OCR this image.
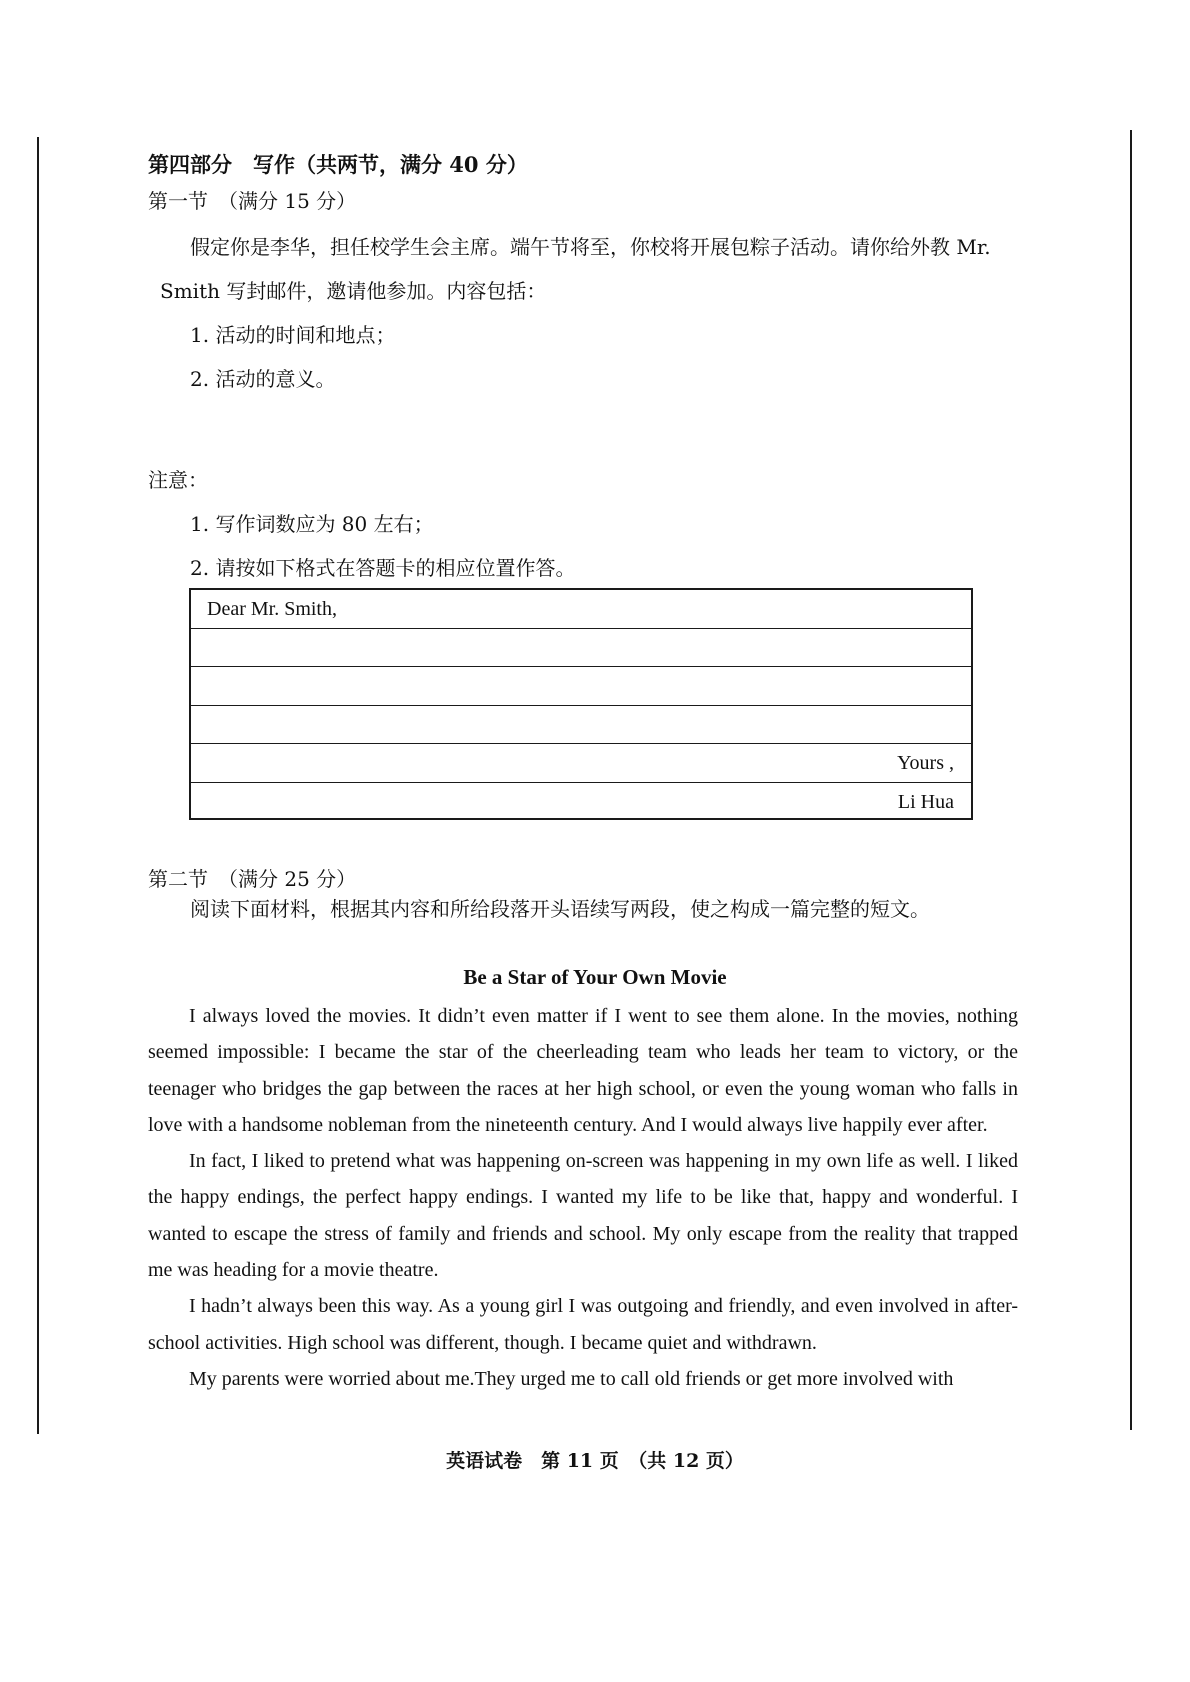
第四部分　写作（共两节，满分 40 分）
第一节　（满分 15 分）
假定你是李华，担任校学生会主席。端午节将至，你校将开展包粽子活动。请你给外教 Mr.
Smith 写封邮件，邀请他参加。内容包括：
1. 活动的时间和地点；
2. 活动的意义。
注意：
1. 写作词数应为 80 左右；
2. 请按如下格式在答题卡的相应位置作答。
Dear Mr. Smith,
Yours ,
Li Hua
第二节　（满分 25 分）
阅读下面材料，根据其内容和所给段落开头语续写两段，使之构成一篇完整的短文。
Be a Star of Your Own Movie

I always loved the movies. It didn’t even matter if I went to see them alone. In the movies, nothing seemed impossible: I became the star of the cheerleading team who leads her team to victory, or the teenager who bridges the gap between the races at her high school, or even the young woman who falls in love with a handsome nobleman from the nineteenth century. And I would always live happily ever after.

In fact, I liked to pretend what was happening on-screen was happening in my own life as well. I liked the happy endings, the perfect happy endings. I wanted my life to be like that, happy and wonderful. I wanted to escape the stress of family and friends and school. My only escape from the reality that trapped me was heading for a movie theatre.

I hadn’t always been this way. As a young girl I was outgoing and friendly, and even involved in after-school activities. High school was different, though. I became quiet and withdrawn.

My parents were worried about me.They urged me to call old friends or get more involved with

英语试卷　第 11 页　（共 12 页）
